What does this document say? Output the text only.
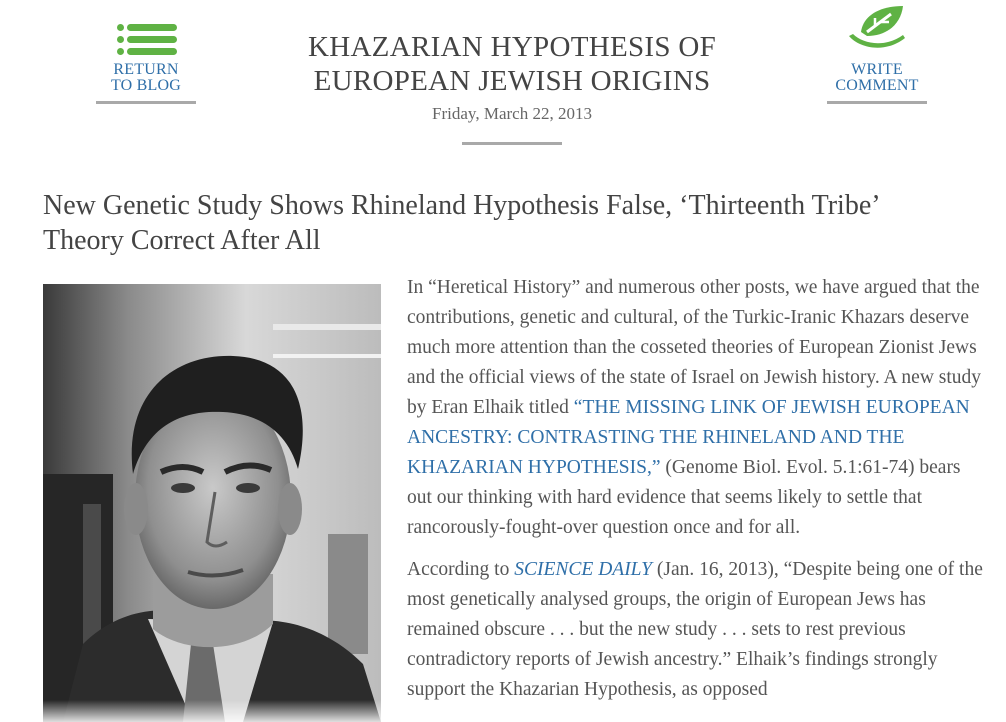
RETURN
TO BLOG
KHAZARIAN HYPOTHESIS OF
EUROPEAN JEWISH ORIGINS
Friday, March 22, 2013
WRITE
COMMENT
New Genetic Study Shows Rhineland Hypothesis False, ‘Thirteenth Tribe’
Theory Correct After All

In “Heretical History” and numerous other posts, we have argued that the contributions, genetic and cultural, of the Turkic-Iranic Khazars deserve much more attention than the cosseted theories of European Zionist Jews and the official views of the state of Israel on Jewish history. A new study by Eran Elhaik titled “THE MISSING LINK OF JEWISH EUROPEAN ANCESTRY: CONTRASTING THE RHINELAND AND THE KHAZARIAN HYPOTHESIS,” (Genome Biol. Evol. 5.1:61-74) bears out our thinking with hard evidence that seems likely to settle that rancorously-fought-over question once and for all.

According to SCIENCE DAILY (Jan. 16, 2013), “Despite being one of the most genetically analysed groups, the origin of European Jews has remained obscure . . . but the new study . . . sets to rest previous contradictory reports of Jewish ancestry.” Elhaik’s findings strongly support the Khazarian Hypothesis, as opposed
